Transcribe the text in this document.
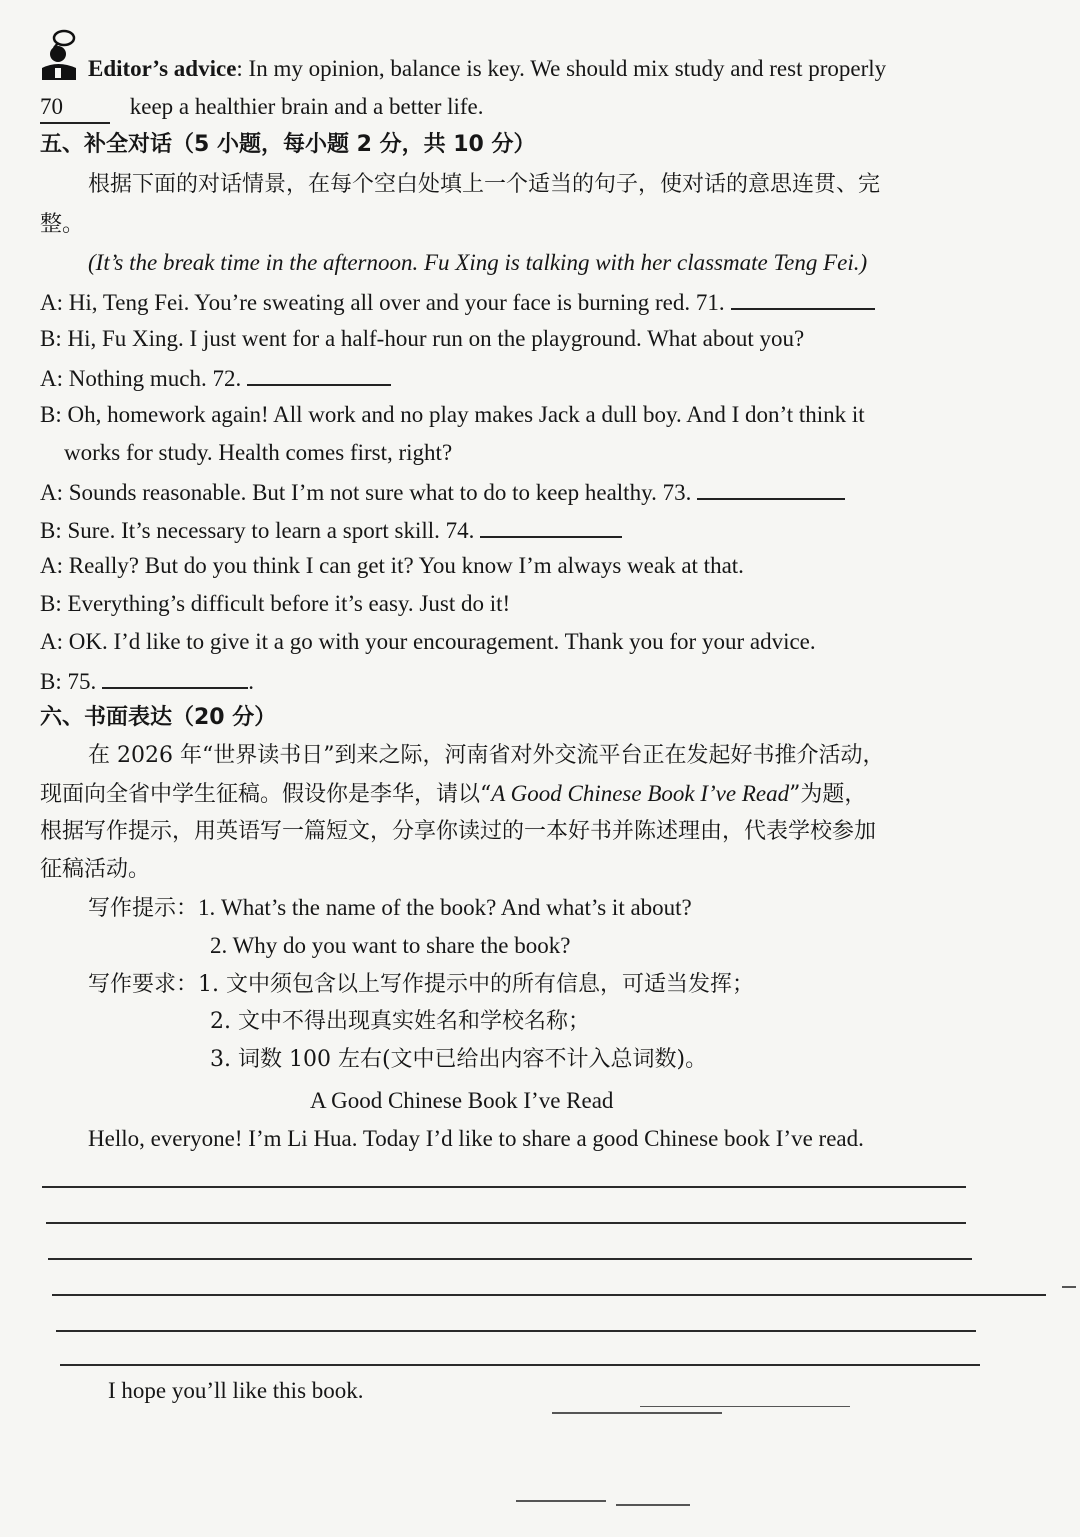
Editor’s advice: In my opinion, balance is key. We should mix study and rest properly
70	keep a healthier brain and a better life.
五、补全对话（5 小题，每小题 2 分，共 10 分）
根据下面的对话情景，在每个空白处填上一个适当的句子，使对话的意思连贯、完
整。
(It’s the break time in the afternoon. Fu Xing is talking with her classmate Teng Fei.)
A: Hi, Teng Fei. You’re sweating all over and your face is burning red. 71.
B: Hi, Fu Xing. I just went for a half-hour run on the playground. What about you?
A: Nothing much. 72.
B: Oh, homework again! All work and no play makes Jack a dull boy. And I don’t think it
works for study. Health comes first, right?
A: Sounds reasonable. But I’m not sure what to do to keep healthy. 73.
B: Sure. It’s necessary to learn a sport skill. 74.
A: Really? But do you think I can get it? You know I’m always weak at that.
B: Everything’s difficult before it’s easy. Just do it!
A: OK. I’d like to give it a go with your encouragement. Thank you for your advice.
B: 75.	.
六、书面表达（20 分）
在 2026 年“世界读书日”到来之际，河南省对外交流平台正在发起好书推介活动，
现面向全省中学生征稿。假设你是李华，请以“A Good Chinese Book I’ve Read”为题，
根据写作提示，用英语写一篇短文，分享你读过的一本好书并陈述理由，代表学校参加
征稿活动。
写作提示：1. What’s the name of the book? And what’s it about?
2. Why do you want to share the book?
写作要求：1. 文中须包含以上写作提示中的所有信息，可适当发挥；
2. 文中不得出现真实姓名和学校名称；
3. 词数 100 左右(文中已给出内容不计入总词数)。
A Good Chinese Book I’ve Read
Hello, everyone! I’m Li Hua. Today I’d like to share a good Chinese book I’ve read.
I hope you’ll like this book.
